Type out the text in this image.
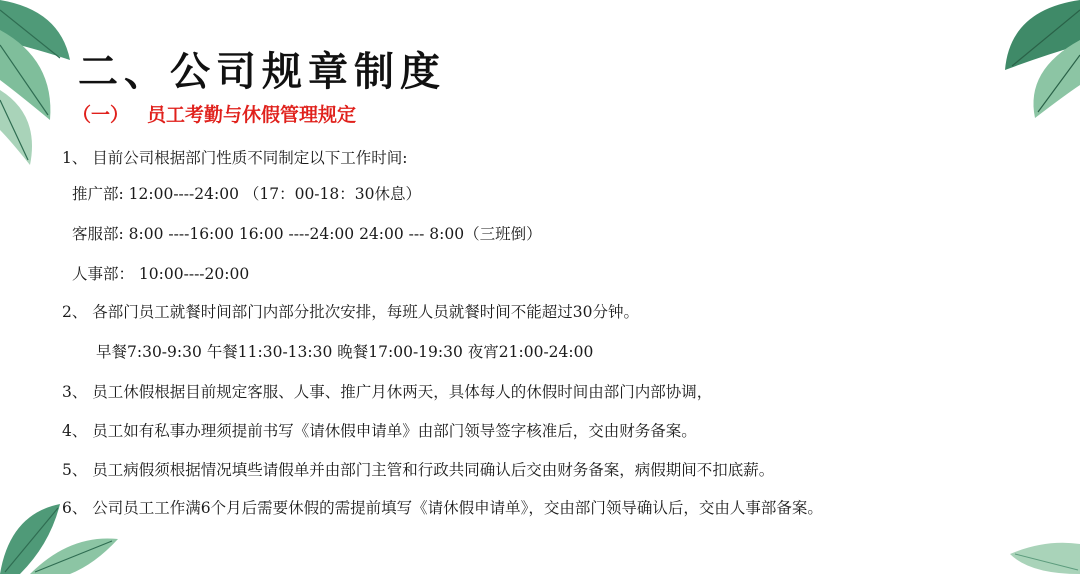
二、公司规章制度
（一） 员工考勤与休假管理规定
1、 目前公司根据部门性质不同制定以下工作时间:
推广部: 12:00----24:00 （17：00-18：30休息）
客服部: 8:00 ----16:00 16:00 ----24:00 24:00 --- 8:00（三班倒）
人事部： 10:00----20:00
2、 各部门员工就餐时间部门内部分批次安排，每班人员就餐时间不能超过30分钟。
早餐7:30-9:30 午餐11:30-13:30 晚餐17:00-19:30 夜宵21:00-24:00
3、 员工休假根据目前规定客服、人事、推广月休两天，具体每人的休假时间由部门内部协调，
4、 员工如有私事办理须提前书写《请休假申请单》由部门领导签字核准后，交由财务备案。
5、 员工病假须根据情况填些请假单并由部门主管和行政共同确认后交由财务备案，病假期间不扣底薪。
6、 公司员工工作满6个月后需要休假的需提前填写《请休假申请单》，交由部门领导确认后，交由人事部备案。
